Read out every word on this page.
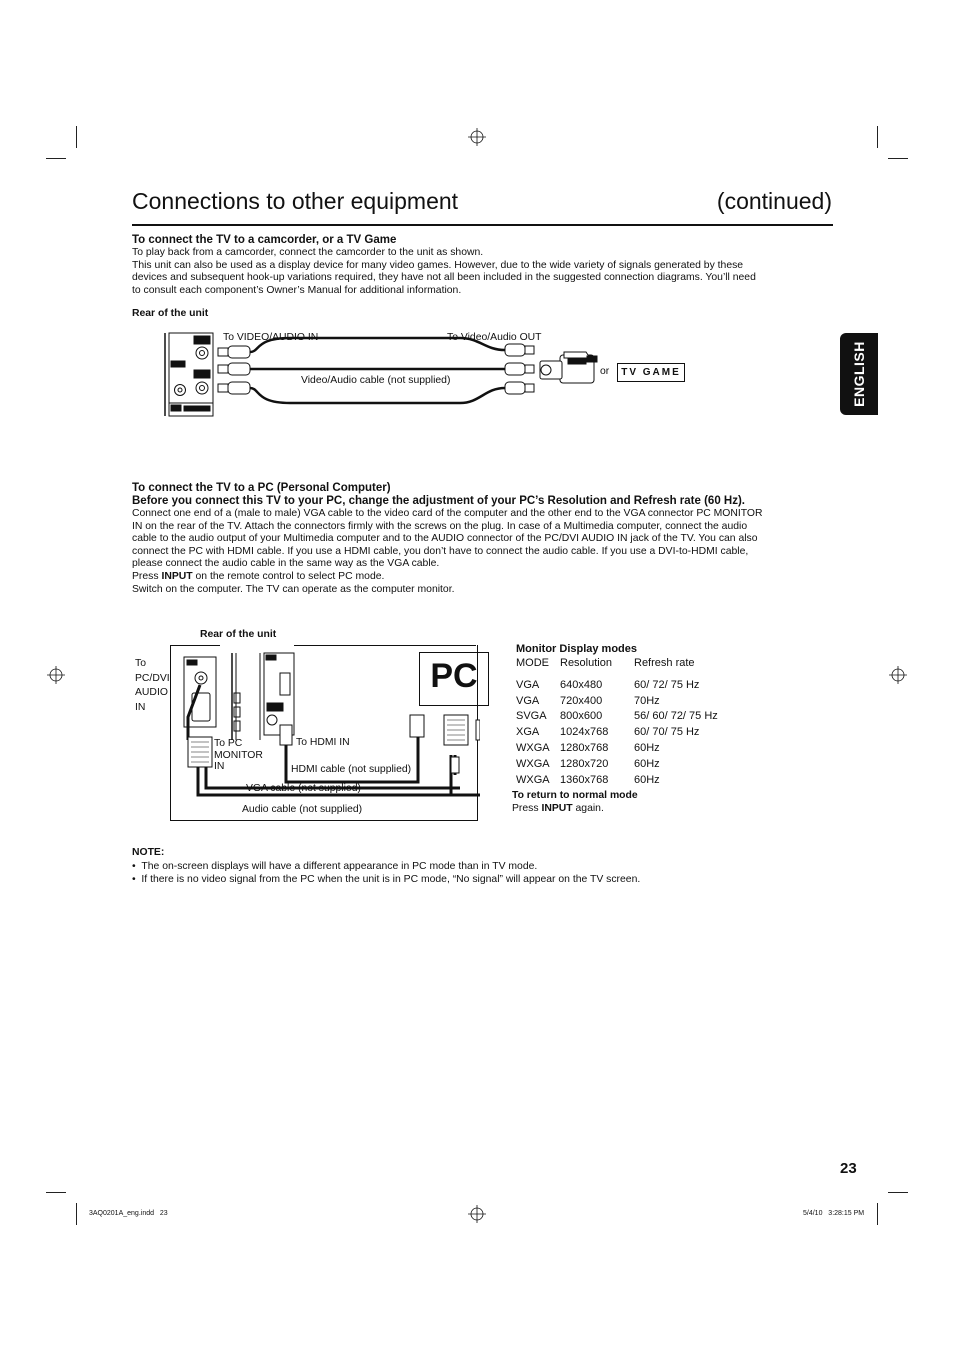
Connections to other equipment	(continued)
ENGLISH
To connect the TV to a camcorder, or a TV Game
To play back from a camcorder, connect the camcorder to the unit as shown.
This unit can also be used as a display device for many video games. However, due to the wide variety of signals generated by these
devices and subsequent hook-up variations required, they have not all been included in the suggested connection diagrams. You’ll need
to consult each component’s Owner’s Manual for additional information.
Rear of the unit
To VIDEO/AUDIO IN	To Video/Audio OUT
Video/Audio cable (not supplied)
or	TV GAME
To connect the TV to a PC (Personal Computer)
Before you connect this TV to your PC, change the adjustment of your PC’s Resolution and Refresh rate (60 Hz).
Connect one end of a (male to male) VGA cable to the video card of the computer and the other end to the VGA connector PC MONITOR
IN on the rear of the TV. Attach the connectors firmly with the screws on the plug. In case of a Multimedia computer, connect the audio
cable to the audio output of your Multimedia computer and to the AUDIO connector of the PC/DVI AUDIO IN jack of the TV. You can also
connect the PC with HDMI cable. If you use a HDMI cable, you don’t have to connect the audio cable. If you use a DVI-to-HDMI cable,
please connect the audio cable in the same way as the VGA cable.
Press INPUT on the remote control to select PC mode.
Switch on the computer. The TV can operate as the computer monitor.
Rear of the unit
PC
To
PC/DVI
AUDIO
IN
To PC
MONITOR
IN
To HDMI IN
HDMI cable (not supplied)
VGA cable (not supplied)
Audio cable (not supplied)
Monitor Display modes
MODE	Resolution	Refresh rate
VGA	640x480	60/ 72/ 75 Hz
VGA	720x400	70Hz
SVGA	800x600	56/ 60/ 72/ 75 Hz
XGA	1024x768	60/ 70/ 75 Hz
WXGA	1280x768	60Hz
WXGA	1280x720	60Hz
WXGA	1360x768	60Hz
To return to normal mode
Press INPUT again.
NOTE:
•  The on-screen displays will have a different appearance in PC mode than in TV mode.
•  If there is no video signal from the PC when the unit is in PC mode, “No signal” will appear on the TV screen.
23
3AQ0201A_eng.indd   23	5/4/10   3:28:15 PM
